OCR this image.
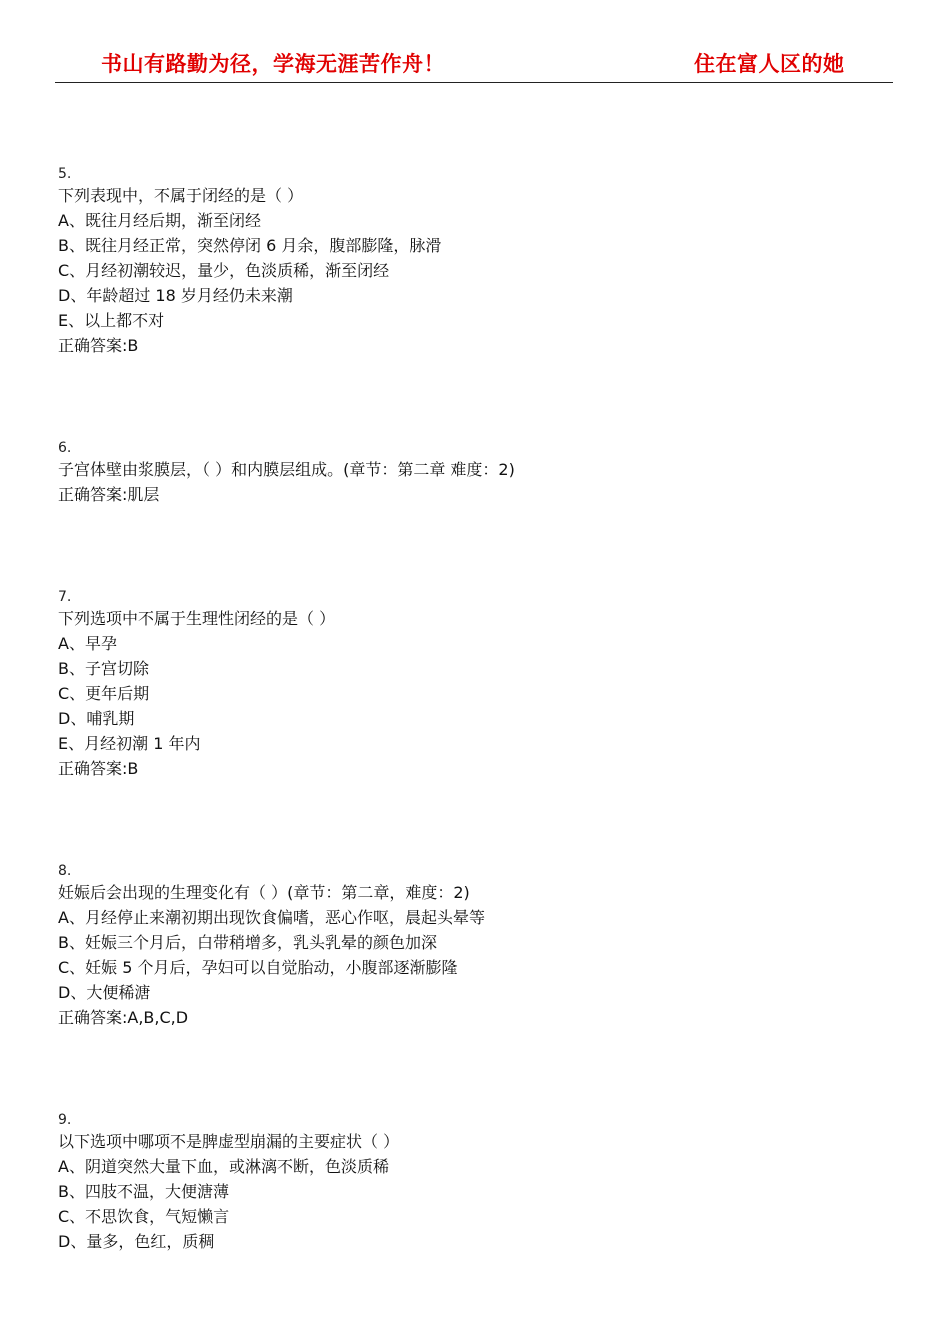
书山有路勤为径，学海无涯苦作舟！	住在富人区的她
5.
下列表现中，不属于闭经的是（ ）
A、既往月经后期，渐至闭经
B、既往月经正常，突然停闭 6 月余，腹部膨隆，脉滑
C、月经初潮较迟，量少，色淡质稀，渐至闭经
D、年龄超过 18 岁月经仍未来潮
E、以上都不对
正确答案:B
6.
子宫体壁由浆膜层，（ ）和内膜层组成。(章节：第二章 难度：2)
正确答案:肌层
7.
下列选项中不属于生理性闭经的是（ ）
A、早孕
B、子宫切除
C、更年后期
D、哺乳期
E、月经初潮 1 年内
正确答案:B
8.
妊娠后会出现的生理变化有（ ）(章节：第二章，难度：2)
A、月经停止来潮初期出现饮食偏嗜，恶心作呕，晨起头晕等
B、妊娠三个月后，白带稍增多，乳头乳晕的颜色加深
C、妊娠 5 个月后，孕妇可以自觉胎动，小腹部逐渐膨隆
D、大便稀溏
正确答案:A,B,C,D
9.
以下选项中哪项不是脾虚型崩漏的主要症状（ ）
A、阴道突然大量下血，或淋漓不断，色淡质稀
B、四肢不温，大便溏薄
C、不思饮食，气短懒言
D、量多，色红，质稠
